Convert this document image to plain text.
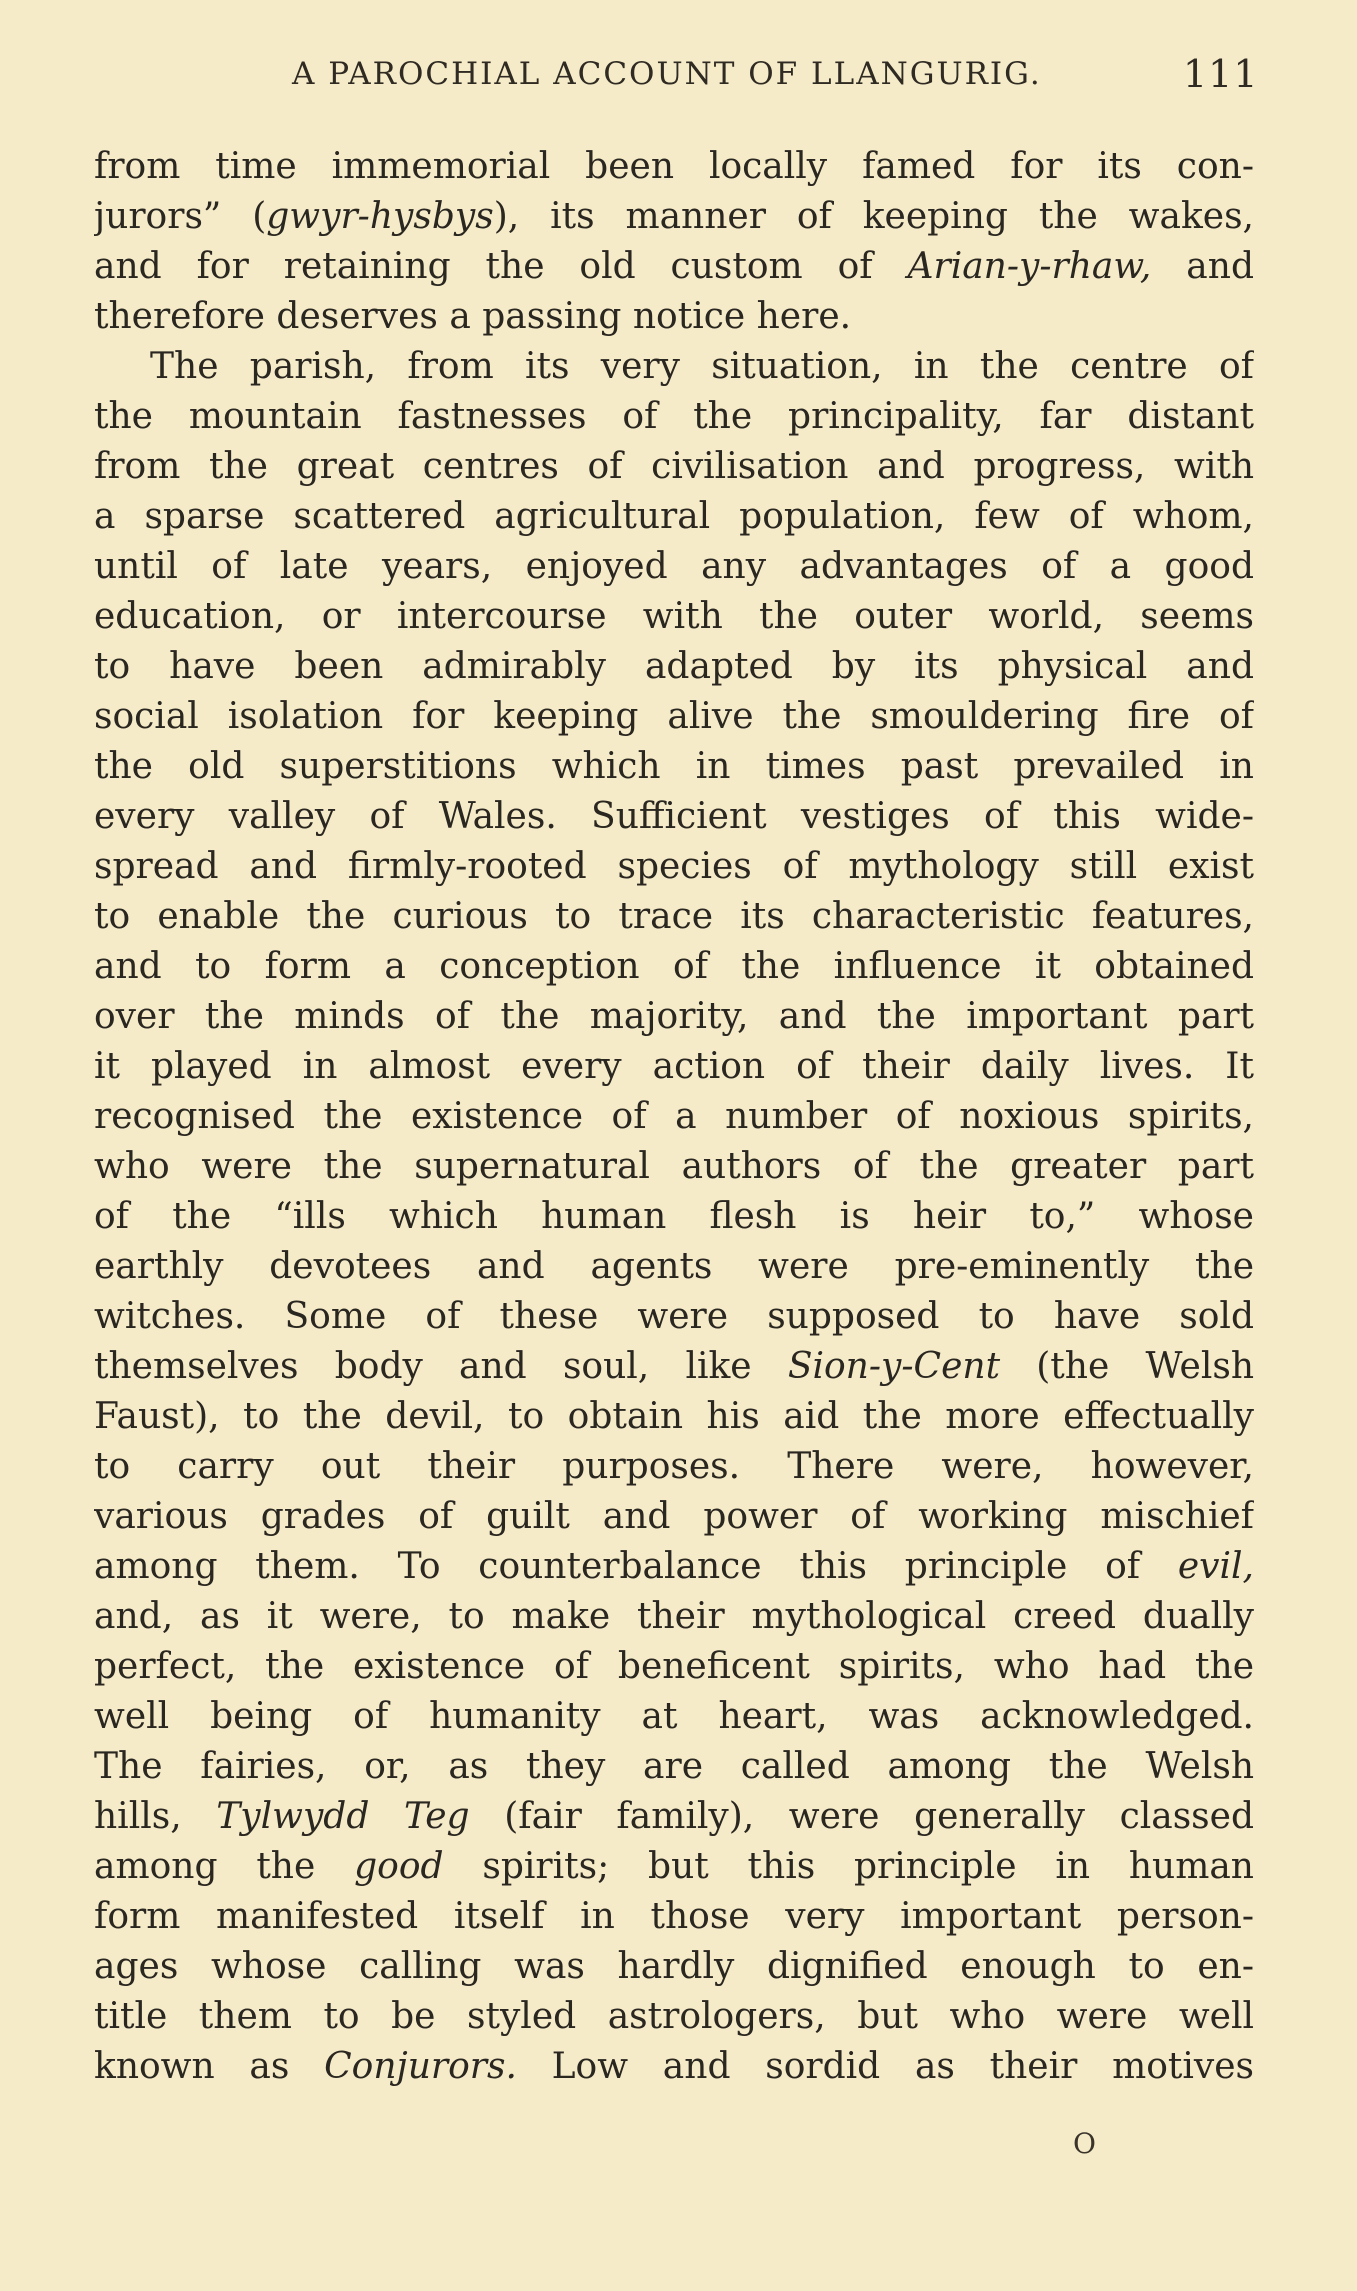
A PAROCHIAL ACCOUNT OF LLANGURIG.	111
from time immemorial been locally famed for its con-
jurors” (gwyr-hysbys), its manner of keeping the wakes,
and for retaining the old custom of Arian-y-rhaw, and
therefore deserves a passing notice here.
The parish, from its very situation, in the centre of
the mountain fastnesses of the principality, far distant
from the great centres of civilisation and progress, with
a sparse scattered agricultural population, few of whom,
until of late years, enjoyed any advantages of a good
education, or intercourse with the outer world, seems
to have been admirably adapted by its physical and
social isolation for keeping alive the smouldering fire of
the old superstitions which in times past prevailed in
every valley of Wales. Sufficient vestiges of this wide-
spread and firmly-rooted species of mythology still exist
to enable the curious to trace its characteristic features,
and to form a conception of the influence it obtained
over the minds of the majority, and the important part
it played in almost every action of their daily lives. It
recognised the existence of a number of noxious spirits,
who were the supernatural authors of the greater part
of the “ills which human flesh is heir to,” whose
earthly devotees and agents were pre-eminently the
witches. Some of these were supposed to have sold
themselves body and soul, like Sion-y-Cent (the Welsh
Faust), to the devil, to obtain his aid the more effectually
to carry out their purposes. There were, however,
various grades of guilt and power of working mischief
among them. To counterbalance this principle of evil,
and, as it were, to make their mythological creed dually
perfect, the existence of beneficent spirits, who had the
well being of humanity at heart, was acknowledged.
The fairies, or, as they are called among the Welsh
hills, Tylwydd Teg (fair family), were generally classed
among the good spirits; but this principle in human
form manifested itself in those very important person-
ages whose calling was hardly dignified enough to en-
title them to be styled astrologers, but who were well
known as Conjurors. Low and sordid as their motives
O
